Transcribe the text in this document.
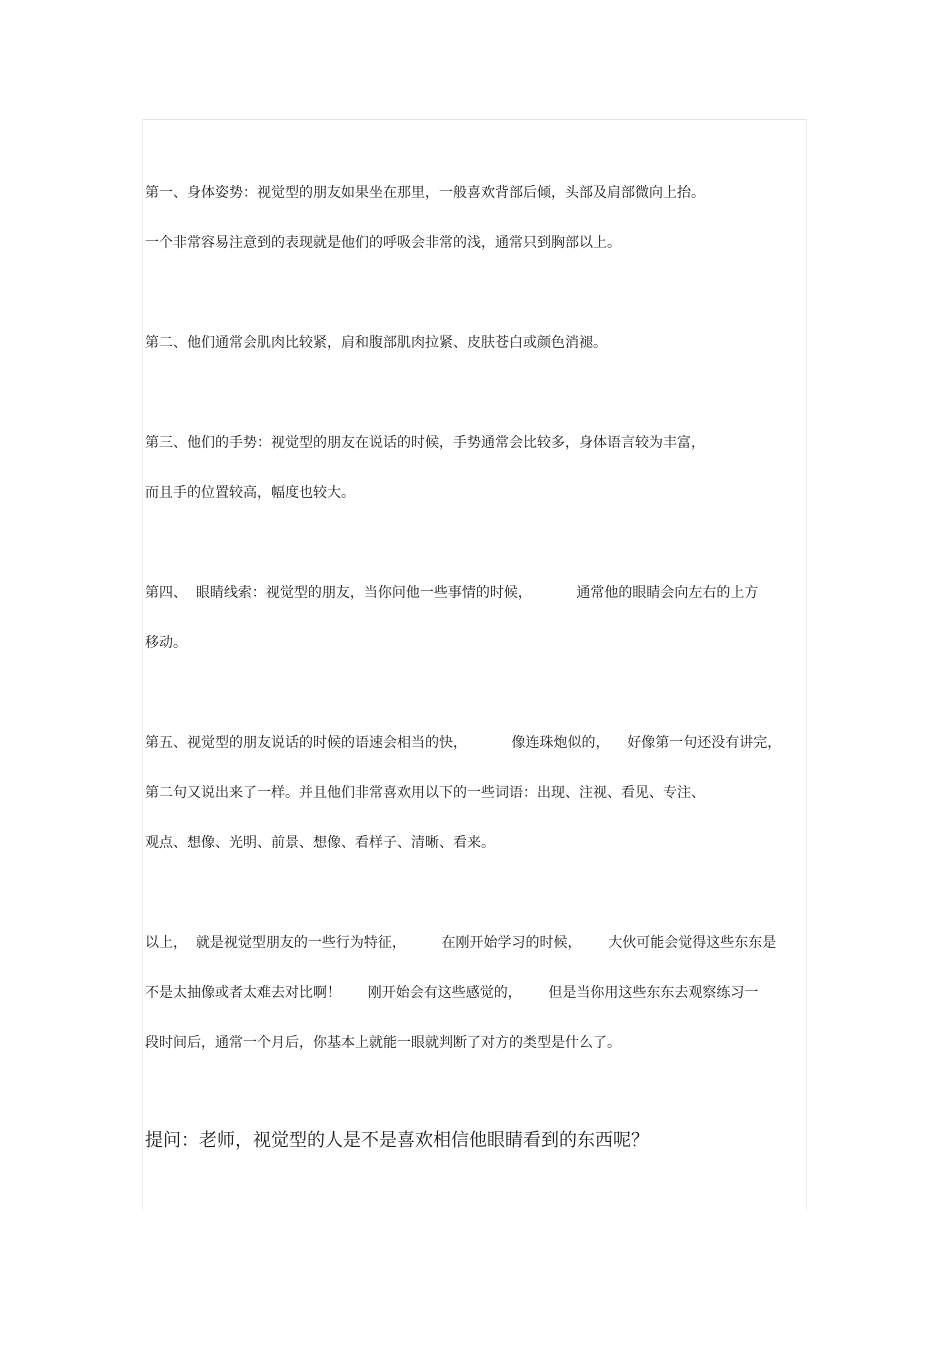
第一、身体姿势：视觉型的朋友如果坐在那里，一般喜欢背部后倾，头部及肩部微向上抬。
一个非常容易注意到的表现就是他们的呼吸会非常的浅，通常只到胸部以上。
第二、他们通常会肌肉比较紧，肩和腹部肌肉拉紧、皮肤苍白或颜色消褪。
第三、他们的手势：视觉型的朋友在说话的时候，手势通常会比较多，身体语言较为丰富，
而且手的位置较高，幅度也较大。
第四、  眼睛线索：视觉型的朋友，当你问他一些事情的时候，          通常他的眼睛会向左右的上方
移动。
第五、视觉型的朋友说话的时候的语速会相当的快，          像连珠炮似的，    好像第一句还没有讲完，
第二句又说出来了一样。并且他们非常喜欢用以下的一些词语：出现、注视、看见、专注、
观点、想像、光明、前景、想像、看样子、清晰、看来。
以上，  就是视觉型朋友的一些行为特征，        在刚开始学习的时候，      大伙可能会觉得这些东东是
不是太抽像或者太难去对比啊！      刚开始会有这些感觉的，      但是当你用这些东东去观察练习一
段时间后，通常一个月后，你基本上就能一眼就判断了对方的类型是什么了。
提问：老师，视觉型的人是不是喜欢相信他眼睛看到的东西呢？
